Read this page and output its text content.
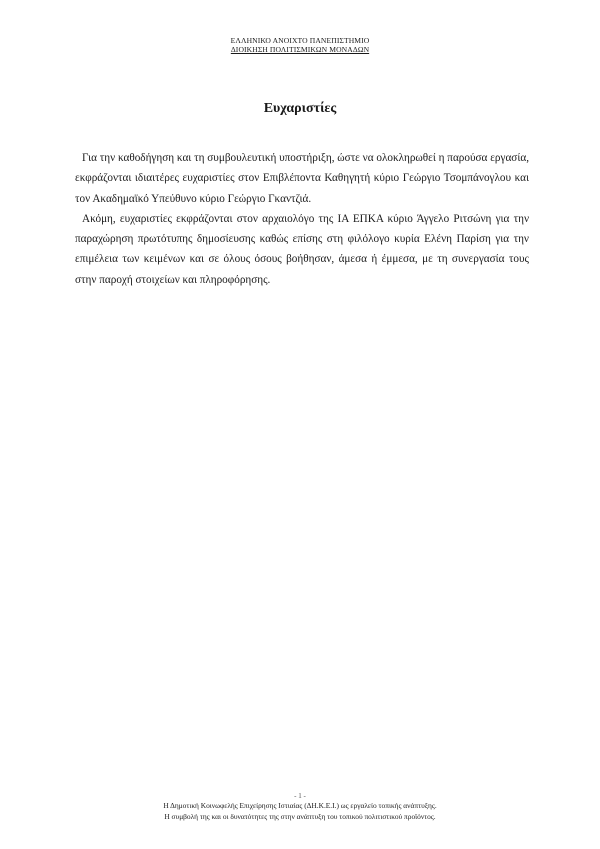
ΕΛΛΗΝΙΚΟ ΑΝΟΙΧΤΟ ΠΑΝΕΠΙΣΤΗΜΙΟ
ΔΙΟΙΚΗΣΗ ΠΟΛΙΤΙΣΜΙΚΩΝ ΜΟΝΑΔΩΝ
Ευχαριστίες

Για την καθοδήγηση και τη συμβουλευτική υποστήριξη, ώστε να ολοκληρωθεί η παρούσα εργασία, εκφράζονται ιδιαιτέρες ευχαριστίες στον Επιβλέποντα Καθηγητή κύριο Γεώργιο Τσομπάνογλου και τον Ακαδημαϊκό Υπεύθυνο κύριο Γεώργιο Γκαντζιά.

Ακόμη, ευχαριστίες εκφράζονται στον αρχαιολόγο της ΙΑ ΕΠΚΑ κύριο Άγγελο Ριτσώνη για την παραχώρηση πρωτότυπης δημοσίευσης καθώς επίσης στη φιλόλογο κυρία Ελένη Παρίση για την επιμέλεια των κειμένων και σε όλους όσους βοήθησαν, άμεσα ή έμμεσα, με τη συνεργασία τους στην παροχή στοιχείων και πληροφόρησης.

- 1 -
Η Δημοτική Κοινωφελής Επιχείρησης Ιστιαίας (ΔΗ.Κ.Ε.Ι.) ως εργαλείο τοπικής ανάπτυξης.
Η συμβολή της και οι δυνατότητες της στην ανάπτυξη του τοπικού πολιτιστικού προϊόντος.
